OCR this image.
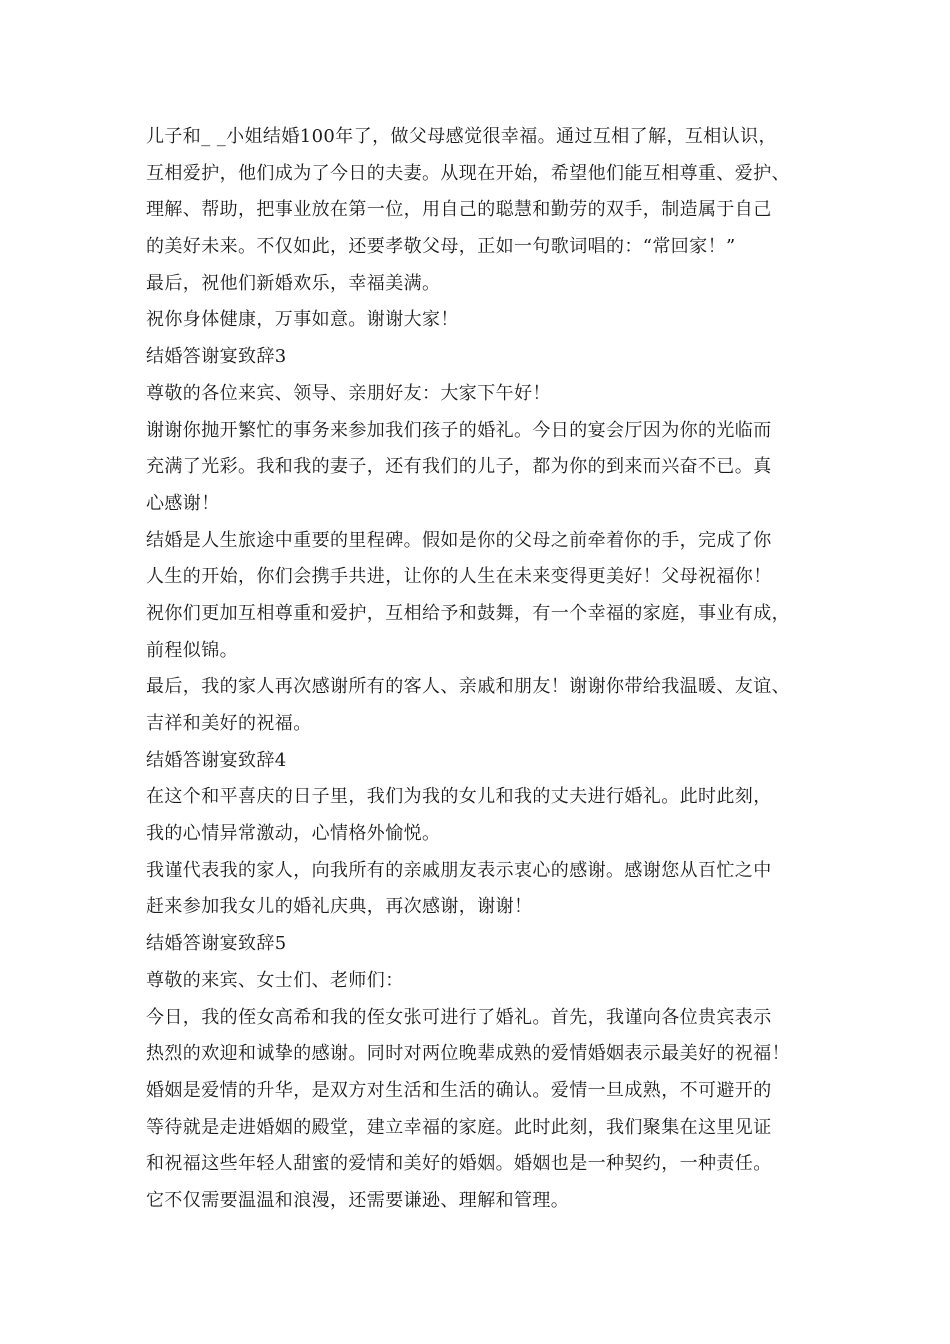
儿子和_ _小姐结婚100年了，做父母感觉很幸福。通过互相了解，互相认识，
互相爱护，他们成为了今日的夫妻。从现在开始，希望他们能互相尊重、爱护、
理解、帮助，把事业放在第一位，用自己的聪慧和勤劳的双手，制造属于自己
的美好未来。不仅如此，还要孝敬父母，正如一句歌词唱的：“常回家！”
最后，祝他们新婚欢乐，幸福美满。
祝你身体健康，万事如意。谢谢大家！
结婚答谢宴致辞3
尊敬的各位来宾、领导、亲朋好友：大家下午好！
谢谢你抛开繁忙的事务来参加我们孩子的婚礼。今日的宴会厅因为你的光临而
充满了光彩。我和我的妻子，还有我们的儿子，都为你的到来而兴奋不已。真
心感谢！
结婚是人生旅途中重要的里程碑。假如是你的父母之前牵着你的手，完成了你
人生的开始，你们会携手共进，让你的人生在未来变得更美好！父母祝福你！
祝你们更加互相尊重和爱护，互相给予和鼓舞，有一个幸福的家庭，事业有成，
前程似锦。
最后，我的家人再次感谢所有的客人、亲戚和朋友！谢谢你带给我温暖、友谊、
吉祥和美好的祝福。
结婚答谢宴致辞4
在这个和平喜庆的日子里，我们为我的女儿和我的丈夫进行婚礼。此时此刻，
我的心情异常激动，心情格外愉悦。
我谨代表我的家人，向我所有的亲戚朋友表示衷心的感谢。感谢您从百忙之中
赶来参加我女儿的婚礼庆典，再次感谢，谢谢！
结婚答谢宴致辞5
尊敬的来宾、女士们、老师们：
今日，我的侄女高希和我的侄女张可进行了婚礼。首先，我谨向各位贵宾表示
热烈的欢迎和诚挚的感谢。同时对两位晚辈成熟的爱情婚姻表示最美好的祝福！
婚姻是爱情的升华，是双方对生活和生活的确认。爱情一旦成熟，不可避开的
等待就是走进婚姻的殿堂，建立幸福的家庭。此时此刻，我们聚集在这里见证
和祝福这些年轻人甜蜜的爱情和美好的婚姻。婚姻也是一种契约，一种责任。
它不仅需要温温和浪漫，还需要谦逊、理解和管理。
